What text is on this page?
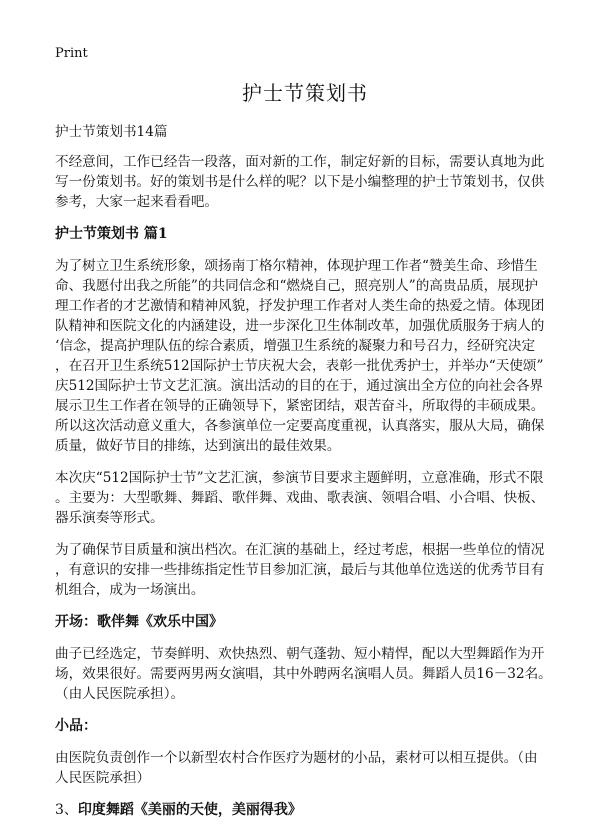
Print
护士节策划书
护士节策划书14篇

不经意间，工作已经告一段落，面对新的工作，制定好新的目标，需要认真地为此
写一份策划书。好的策划书是什么样的呢？以下是小编整理的护士节策划书，仅供
参考，大家一起来看看吧。

护士节策划书 篇1

为了树立卫生系统形象，颂扬南丁格尔精神，体现护理工作者“赞美生命、珍惜生
命、我愿付出我之所能”的共同信念和“燃烧自己，照亮别人”的高贵品质，展现护
理工作者的才艺激情和精神风貌，抒发护理工作者对人类生命的热爱之情。体现团
队精神和医院文化的内涵建设，进一步深化卫生体制改革，加强优质服务于病人的
‘信念，提高护理队伍的综合素质，增强卫生系统的凝聚力和号召力，经研究决定
，在召开卫生系统512国际护士节庆祝大会，表彰一批优秀护士，并举办“天使颂”
庆512国际护士节文艺汇演。演出活动的目的在于，通过演出全方位的向社会各界
展示卫生工作者在领导的正确领导下，紧密团结，艰苦奋斗，所取得的丰硕成果。
所以这次活动意义重大，各参演单位一定要高度重视，认真落实，服从大局，确保
质量，做好节目的排练，达到演出的最佳效果。

本次庆“512国际护士节”文艺汇演，参演节目要求主题鲜明，立意准确，形式不限
。主要为：大型歌舞、舞蹈、歌伴舞、戏曲、歌表演、领唱合唱、小合唱、快板、
器乐演奏等形式。

为了确保节目质量和演出档次。在汇演的基础上，经过考虑，根据一些单位的情况
，有意识的安排一些排练指定性节目参加汇演，最后与其他单位选送的优秀节目有
机组合，成为一场演出。

开场：歌伴舞《欢乐中国》

曲子已经选定，节奏鲜明、欢快热烈、朝气蓬勃、短小精悍，配以大型舞蹈作为开
场，效果很好。需要两男两女演唱，其中外聘两名演唱人员。舞蹈人员16－32名。
（由人民医院承担）。

小品：

由医院负责创作一个以新型农村合作医疗为题材的小品，素材可以相互提供。（由
人民医院承担）

3、印度舞蹈《美丽的天使，美丽得我》
